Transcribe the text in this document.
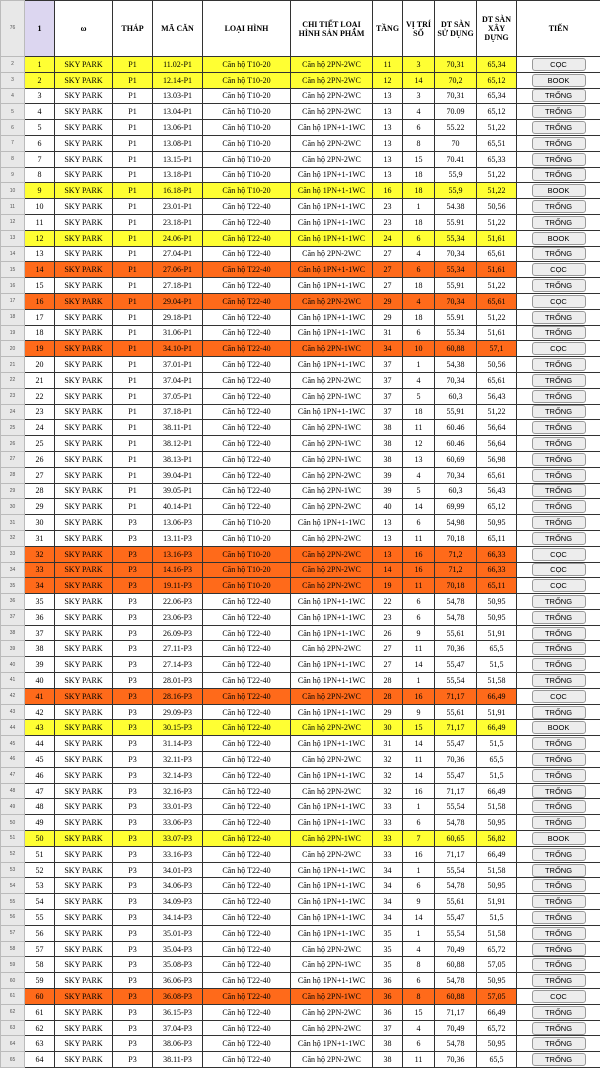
76	1	ω	THÁP	MÃ CĂN	LOẠI HÌNH	CHI TIẾT LOẠI HÌNH SẢN PHẨM	TẦNG	VỊ TRÍ SỐ	DT SÀN SỬ DỤNG	DT SÀN XÂY DỰNG	TIẾN
2	1	SKY PARK	P1	11.02-P1	Căn hộ T10-20	Căn hộ 2PN-2WC	11	3	70,31	65,34	CỌC
3	2	SKY PARK	P1	12.14-P1	Căn hộ T10-20	Căn hộ 2PN-2WC	12	14	70,2	65,12	BOOK
4	3	SKY PARK	P1	13.03-P1	Căn hộ T10-20	Căn hộ 2PN-2WC	13	3	70,31	65,34	TRỐNG
5	4	SKY PARK	P1	13.04-P1	Căn hộ T10-20	Căn hộ 2PN-2WC	13	4	70.09	65,12	TRỐNG
6	5	SKY PARK	P1	13.06-P1	Căn hộ T10-20	Căn hộ 1PN+1-1WC	13	6	55.22	51,22	TRỐNG
7	6	SKY PARK	P1	13.08-P1	Căn hộ T10-20	Căn hộ 2PN-2WC	13	8	70	65,51	TRỐNG
8	7	SKY PARK	P1	13.15-P1	Căn hộ T10-20	Căn hộ 2PN-2WC	13	15	70.41	65,33	TRỐNG
9	8	SKY PARK	P1	13.18-P1	Căn hộ T10-20	Căn hộ 1PN+1-1WC	13	18	55,9	51,22	TRỐNG
10	9	SKY PARK	P1	16.18-P1	Căn hộ T10-20	Căn hộ 1PN+1-1WC	16	18	55,9	51,22	BOOK
11	10	SKY PARK	P1	23.01-P1	Căn hộ T22-40	Căn hộ 1PN+1-1WC	23	1	54.38	50,56	TRỐNG
12	11	SKY PARK	P1	23.18-P1	Căn hộ T22-40	Căn hộ 1PN+1-1WC	23	18	55.91	51,22	TRỐNG
13	12	SKY PARK	P1	24.06-P1	Căn hộ T22-40	Căn hộ 1PN+1-1WC	24	6	55,34	51,61	BOOK
14	13	SKY PARK	P1	27.04-P1	Căn hộ T22-40	Căn hộ 2PN-2WC	27	4	70,34	65,61	TRỐNG
15	14	SKY PARK	P1	27.06-P1	Căn hộ T22-40	Căn hộ 1PN+1-1WC	27	6	55,34	51,61	CỌC
16	15	SKY PARK	P1	27.18-P1	Căn hộ T22-40	Căn hộ 1PN+1-1WC	27	18	55,91	51,22	TRỐNG
17	16	SKY PARK	P1	29.04-P1	Căn hộ T22-40	Căn hộ 2PN-2WC	29	4	70,34	65,61	CỌC
18	17	SKY PARK	P1	29.18-P1	Căn hộ T22-40	Căn hộ 1PN+1-1WC	29	18	55.91	51,22	TRỐNG
19	18	SKY PARK	P1	31.06-P1	Căn hộ T22-40	Căn hộ 1PN+1-1WC	31	6	55.34	51,61	TRỐNG
20	19	SKY PARK	P1	34.10-P1	Căn hộ T22-40	Căn hộ 2PN-1WC	34	10	60,88	57,1	CỌC
21	20	SKY PARK	P1	37.01-P1	Căn hộ T22-40	Căn hộ 1PN+1-1WC	37	1	54,38	50,56	TRỐNG
22	21	SKY PARK	P1	37.04-P1	Căn hộ T22-40	Căn hộ 2PN-2WC	37	4	70,34	65,61	TRỐNG
23	22	SKY PARK	P1	37.05-P1	Căn hộ T22-40	Căn hộ 2PN-1WC	37	5	60,3	56,43	TRỐNG
24	23	SKY PARK	P1	37.18-P1	Căn hộ T22-40	Căn hộ 1PN+1-1WC	37	18	55,91	51,22	TRỐNG
25	24	SKY PARK	P1	38.11-P1	Căn hộ T22-40	Căn hộ 2PN-1WC	38	11	60.46	56,64	TRỐNG
26	25	SKY PARK	P1	38.12-P1	Căn hộ T22-40	Căn hộ 2PN-1WC	38	12	60.46	56,64	TRỐNG
27	26	SKY PARK	P1	38.13-P1	Căn hộ T22-40	Căn hộ 2PN-1WC	38	13	60,69	56,98	TRỐNG
28	27	SKY PARK	P1	39.04-P1	Căn hộ T22-40	Căn hộ 2PN-2WC	39	4	70,34	65,61	TRỐNG
29	28	SKY PARK	P1	39.05-P1	Căn hộ T22-40	Căn hộ 2PN-1WC	39	5	60,3	56,43	TRỐNG
30	29	SKY PARK	P1	40.14-P1	Căn hộ T22-40	Căn hộ 2PN-2WC	40	14	69,99	65,12	TRỐNG
31	30	SKY PARK	P3	13.06-P3	Căn hộ T10-20	Căn hộ 1PN+1-1WC	13	6	54,98	50,95	TRỐNG
32	31	SKY PARK	P3	13.11-P3	Căn hộ T10-20	Căn hộ 2PN-2WC	13	11	70,18	65,11	TRỐNG
33	32	SKY PARK	P3	13.16-P3	Căn hộ T10-20	Căn hộ 2PN-2WC	13	16	71,2	66,33	CỌC
34	33	SKY PARK	P3	14.16-P3	Căn hộ T10-20	Căn hộ 2PN-2WC	14	16	71,2	66,33	CỌC
35	34	SKY PARK	P3	19.11-P3	Căn hộ T10-20	Căn hộ 2PN-2WC	19	11	70,18	65,11	CỌC
36	35	SKY PARK	P3	22.06-P3	Căn hộ T22-40	Căn hộ 1PN+1-1WC	22	6	54,78	50,95	TRỐNG
37	36	SKY PARK	P3	23.06-P3	Căn hộ T22-40	Căn hộ 1PN+1-1WC	23	6	54,78	50,95	TRỐNG
38	37	SKY PARK	P3	26.09-P3	Căn hộ T22-40	Căn hộ 1PN+1-1WC	26	9	55,61	51,91	TRỐNG
39	38	SKY PARK	P3	27.11-P3	Căn hộ T22-40	Căn hộ 2PN-2WC	27	11	70,36	65,5	TRỐNG
40	39	SKY PARK	P3	27.14-P3	Căn hộ T22-40	Căn hộ 1PN+1-1WC	27	14	55,47	51,5	TRỐNG
41	40	SKY PARK	P3	28.01-P3	Căn hộ T22-40	Căn hộ 1PN+1-1WC	28	1	55,54	51,58	TRỐNG
42	41	SKY PARK	P3	28.16-P3	Căn hộ T22-40	Căn hộ 2PN-2WC	28	16	71,17	66,49	CỌC
43	42	SKY PARK	P3	29.09-P3	Căn hộ T22-40	Căn hộ 1PN+1-1WC	29	9	55,61	51,91	TRỐNG
44	43	SKY PARK	P3	30.15-P3	Căn hộ T22-40	Căn hộ 2PN-2WC	30	15	71,17	66,49	BOOK
45	44	SKY PARK	P3	31.14-P3	Căn hộ T22-40	Căn hộ 1PN+1-1WC	31	14	55,47	51,5	TRỐNG
46	45	SKY PARK	P3	32.11-P3	Căn hộ T22-40	Căn hộ 2PN-2WC	32	11	70,36	65,5	TRỐNG
47	46	SKY PARK	P3	32.14-P3	Căn hộ T22-40	Căn hộ 1PN+1-1WC	32	14	55,47	51,5	TRỐNG
48	47	SKY PARK	P3	32.16-P3	Căn hộ T22-40	Căn hộ 2PN-2WC	32	16	71,17	66,49	TRỐNG
49	48	SKY PARK	P3	33.01-P3	Căn hộ T22-40	Căn hộ 1PN+1-1WC	33	1	55,54	51,58	TRỐNG
50	49	SKY PARK	P3	33.06-P3	Căn hộ T22-40	Căn hộ 1PN+1-1WC	33	6	54,78	50,95	TRỐNG
51	50	SKY PARK	P3	33.07-P3	Căn hộ T22-40	Căn hộ 2PN-1WC	33	7	60,65	56,82	BOOK
52	51	SKY PARK	P3	33.16-P3	Căn hộ T22-40	Căn hộ 2PN-2WC	33	16	71,17	66,49	TRỐNG
53	52	SKY PARK	P3	34.01-P3	Căn hộ T22-40	Căn hộ 1PN+1-1WC	34	1	55,54	51,58	TRỐNG
54	53	SKY PARK	P3	34.06-P3	Căn hộ T22-40	Căn hộ 1PN+1-1WC	34	6	54,78	50,95	TRỐNG
55	54	SKY PARK	P3	34.09-P3	Căn hộ T22-40	Căn hộ 1PN+1-1WC	34	9	55,61	51,91	TRỐNG
56	55	SKY PARK	P3	34.14-P3	Căn hộ T22-40	Căn hộ 1PN+1-1WC	34	14	55,47	51,5	TRỐNG
57	56	SKY PARK	P3	35.01-P3	Căn hộ T22-40	Căn hộ 1PN+1-1WC	35	1	55,54	51,58	TRỐNG
58	57	SKY PARK	P3	35.04-P3	Căn hộ T22-40	Căn hộ 2PN-2WC	35	4	70,49	65,72	TRỐNG
59	58	SKY PARK	P3	35.08-P3	Căn hộ T22-40	Căn hộ 2PN-1WC	35	8	60,88	57,05	TRỐNG
60	59	SKY PARK	P3	36.06-P3	Căn hộ T22-40	Căn hộ 1PN+1-1WC	36	6	54,78	50,95	TRỐNG
61	60	SKY PARK	P3	36.08-P3	Căn hộ T22-40	Căn hộ 2PN-1WC	36	8	60,88	57,05	CỌC
62	61	SKY PARK	P3	36.15-P3	Căn hộ T22-40	Căn hộ 2PN-2WC	36	15	71,17	66,49	TRỐNG
63	62	SKY PARK	P3	37.04-P3	Căn hộ T22-40	Căn hộ 2PN-2WC	37	4	70,49	65,72	TRỐNG
64	63	SKY PARK	P3	38.06-P3	Căn hộ T22-40	Căn hộ 1PN+1-1WC	38	6	54,78	50,95	TRỐNG
65	64	SKY PARK	P3	38.11-P3	Căn hộ T22-40	Căn hộ 2PN-2WC	38	11	70,36	65,5	TRỐNG
